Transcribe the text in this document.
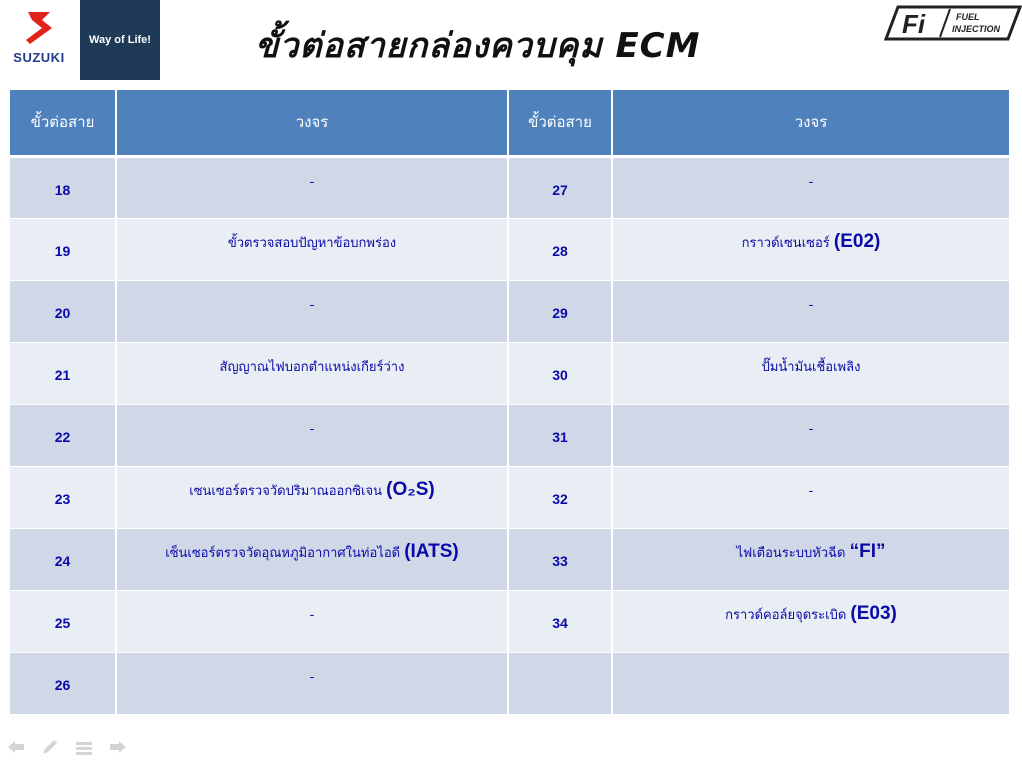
SUZUKI
Way of Life!	ขั้วต่อสายกล่องควบคุม ECM
Fi	FUEL
INJECTION
ขั้วต่อสาย	วงจร	ขั้วต่อสาย	วงจร
18	-	27	-
19	ขั้วตรวจสอบปัญหาข้อบกพร่อง	28	กราวด์เซนเซอร์ (E02)
20	-	29	-
21	สัญญาณไฟบอกตำแหน่งเกียร์ว่าง	30	ปั๊มน้ำมันเชื้อเพลิง
22	-	31	-
23	เซนเซอร์ตรวจวัดปริมาณออกซิเจน (O₂S)	32	-
24	เซ็นเซอร์ตรวจวัดอุณหภูมิอากาศในท่อไอดี (IATS)	33	ไฟเตือนระบบหัวฉีด “FI”
25	-	34	กราวด์คอล์ยจุดระเบิด (E03)
26	-		
